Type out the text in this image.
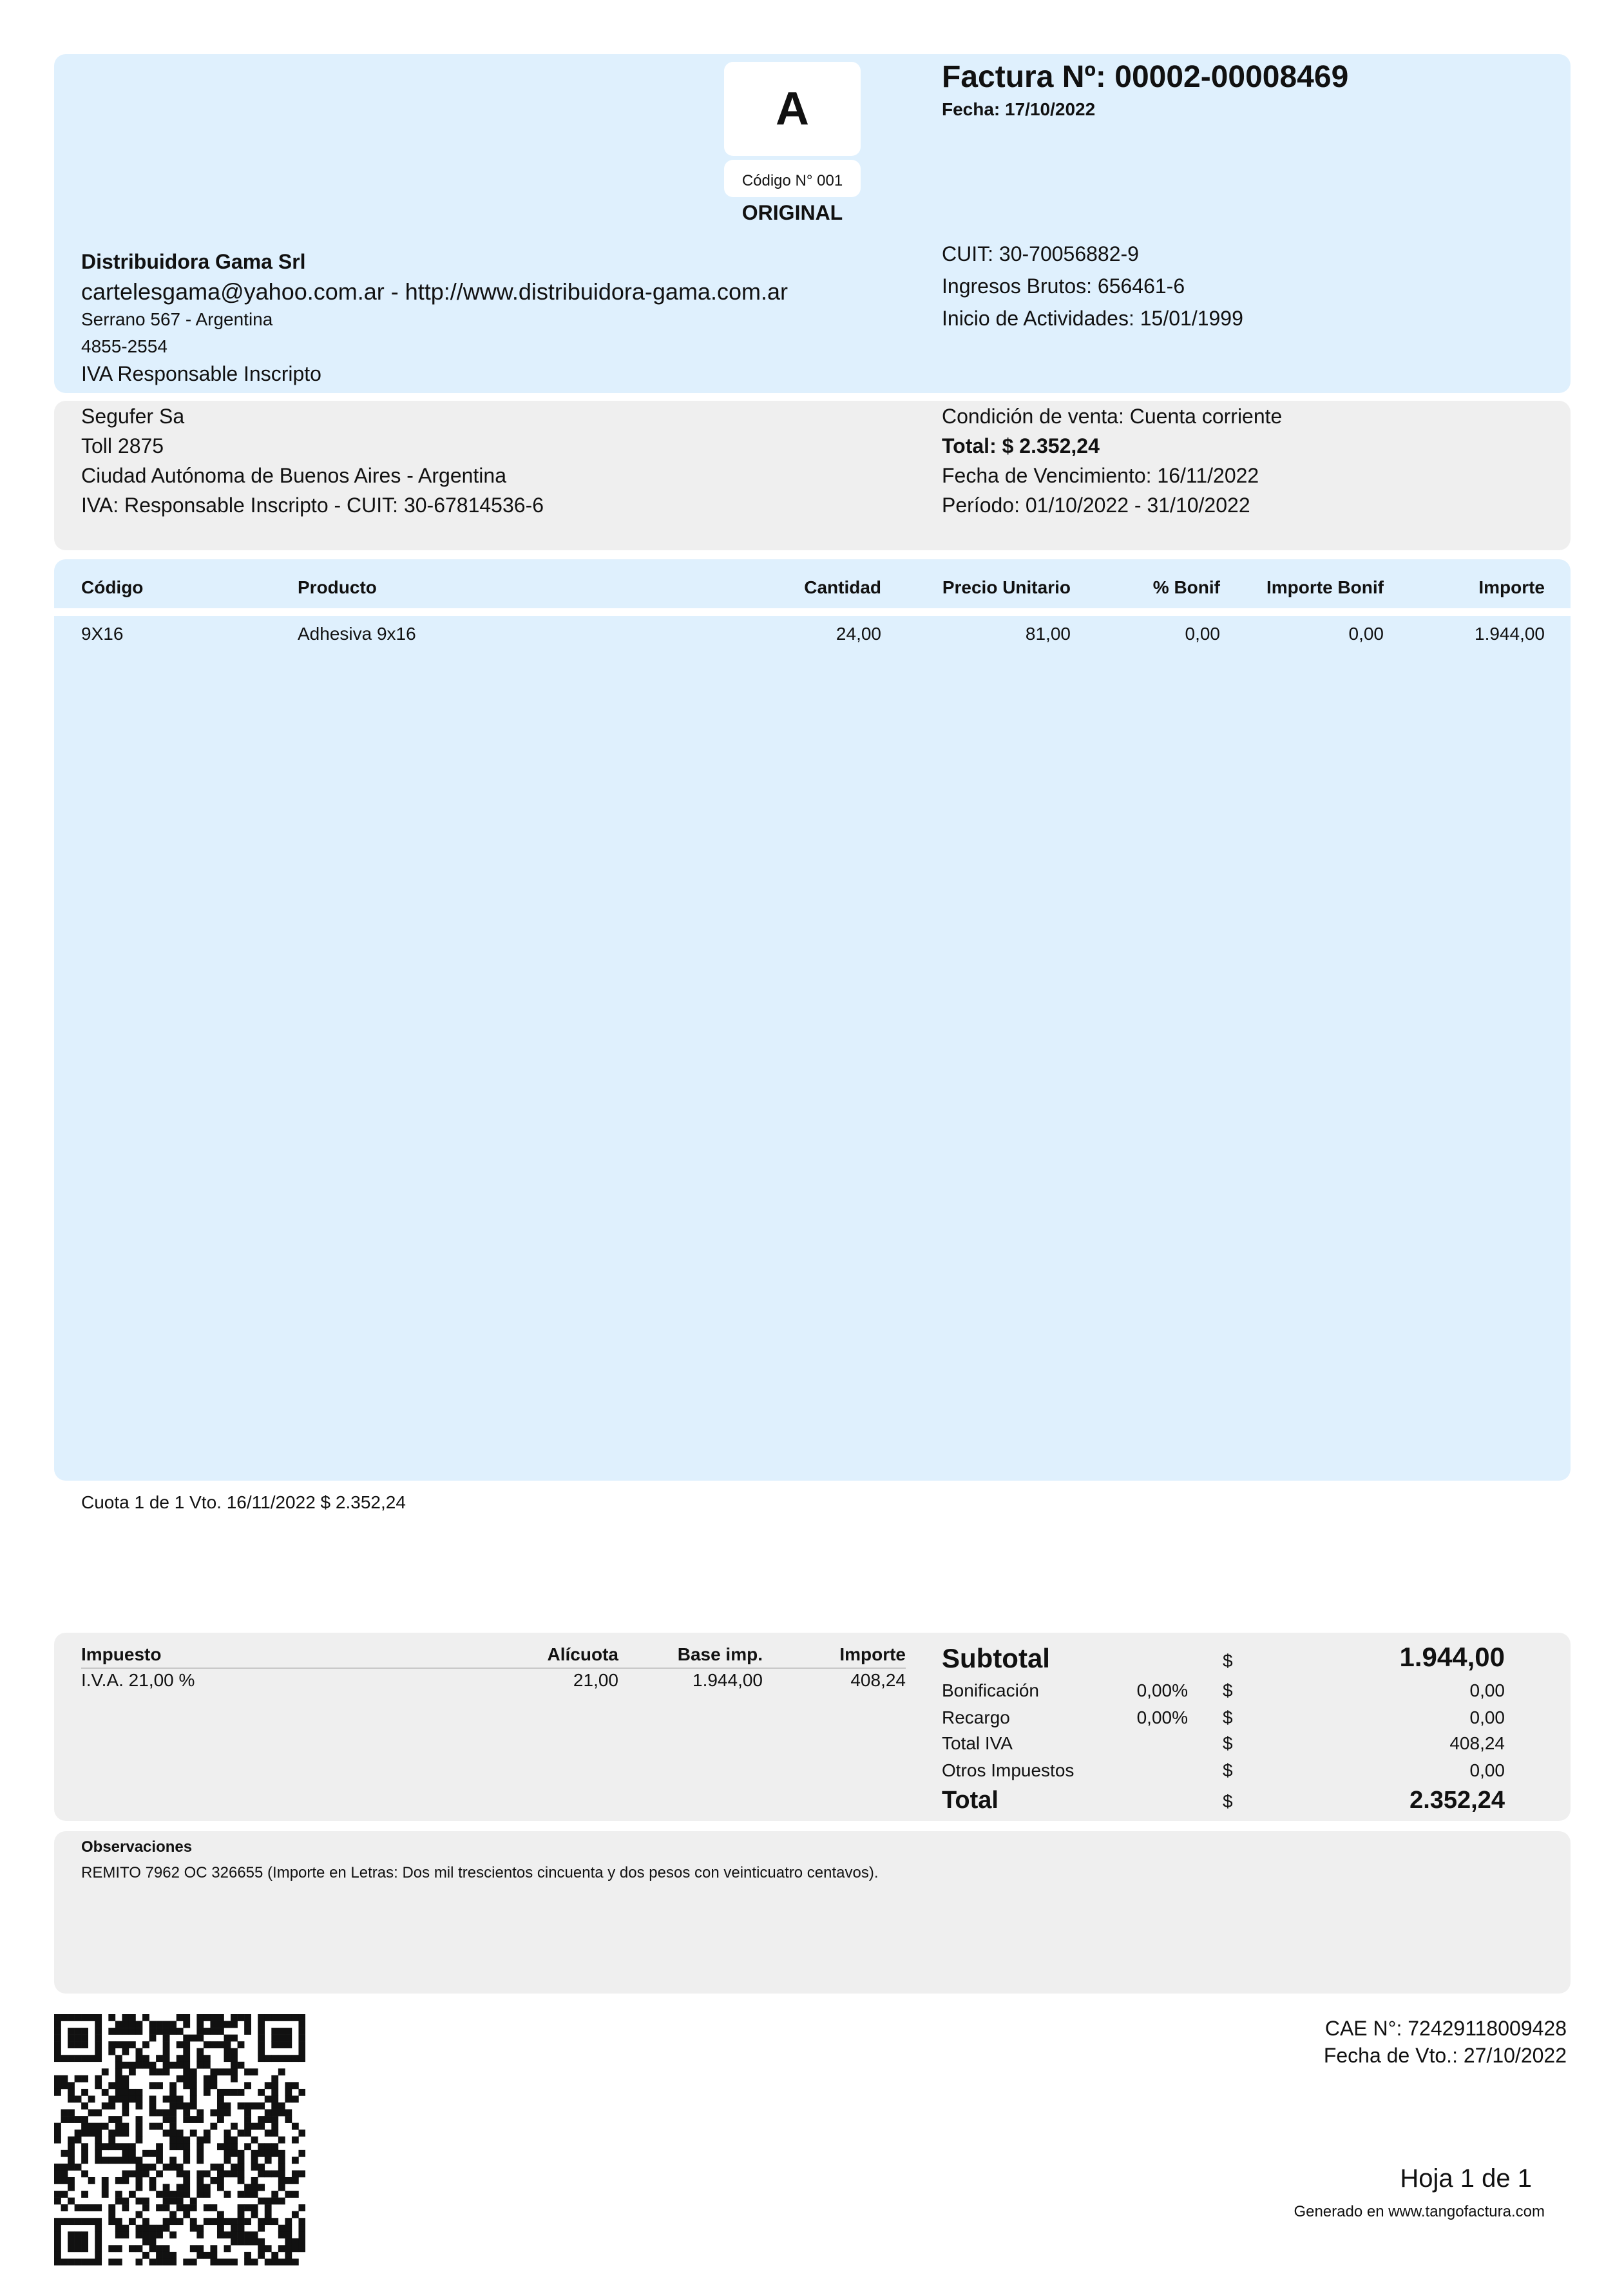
A
Código N° 001
ORIGINAL
Factura Nº: 00002-00008469
Fecha: 17/10/2022
Distribuidora Gama Srl
cartelesgama@yahoo.com.ar - http://www.distribuidora-gama.com.ar
Serrano 567 - Argentina
4855-2554
IVA Responsable Inscripto
CUIT: 30-70056882-9
Ingresos Brutos: 656461-6
Inicio de Actividades: 15/01/1999
Segufer Sa
Toll 2875
Ciudad Autónoma de Buenos Aires - Argentina
IVA: Responsable Inscripto - CUIT: 30-67814536-6
Condición de venta: Cuenta corriente
Total: $ 2.352,24
Fecha de Vencimiento: 16/11/2022
Período: 01/10/2022 - 31/10/2022
Código	Producto	Cantidad	Precio Unitario	% Bonif	Importe Bonif	Importe
9X16	Adhesiva 9x16	24,00	81,00	0,00	0,00	1.944,00
Cuota 1 de 1 Vto. 16/11/2022 $ 2.352,24
Impuesto	Alícuota	Base imp.	Importe
I.V.A. 21,00 %	21,00	1.944,00	408,24
Subtotal	$	1.944,00
Bonificación	0,00% $	0,00
Recargo	0,00% $	0,00
Total IVA	$	408,24
Otros Impuestos	$	0,00
Total	$	2.352,24
Observaciones
REMITO 7962 OC 326655 (Importe en Letras: Dos mil trescientos cincuenta y dos pesos con veinticuatro centavos).
CAE N°: 72429118009428
Fecha de Vto.: 27/10/2022
Hoja 1 de 1
Generado en www.tangofactura.com
